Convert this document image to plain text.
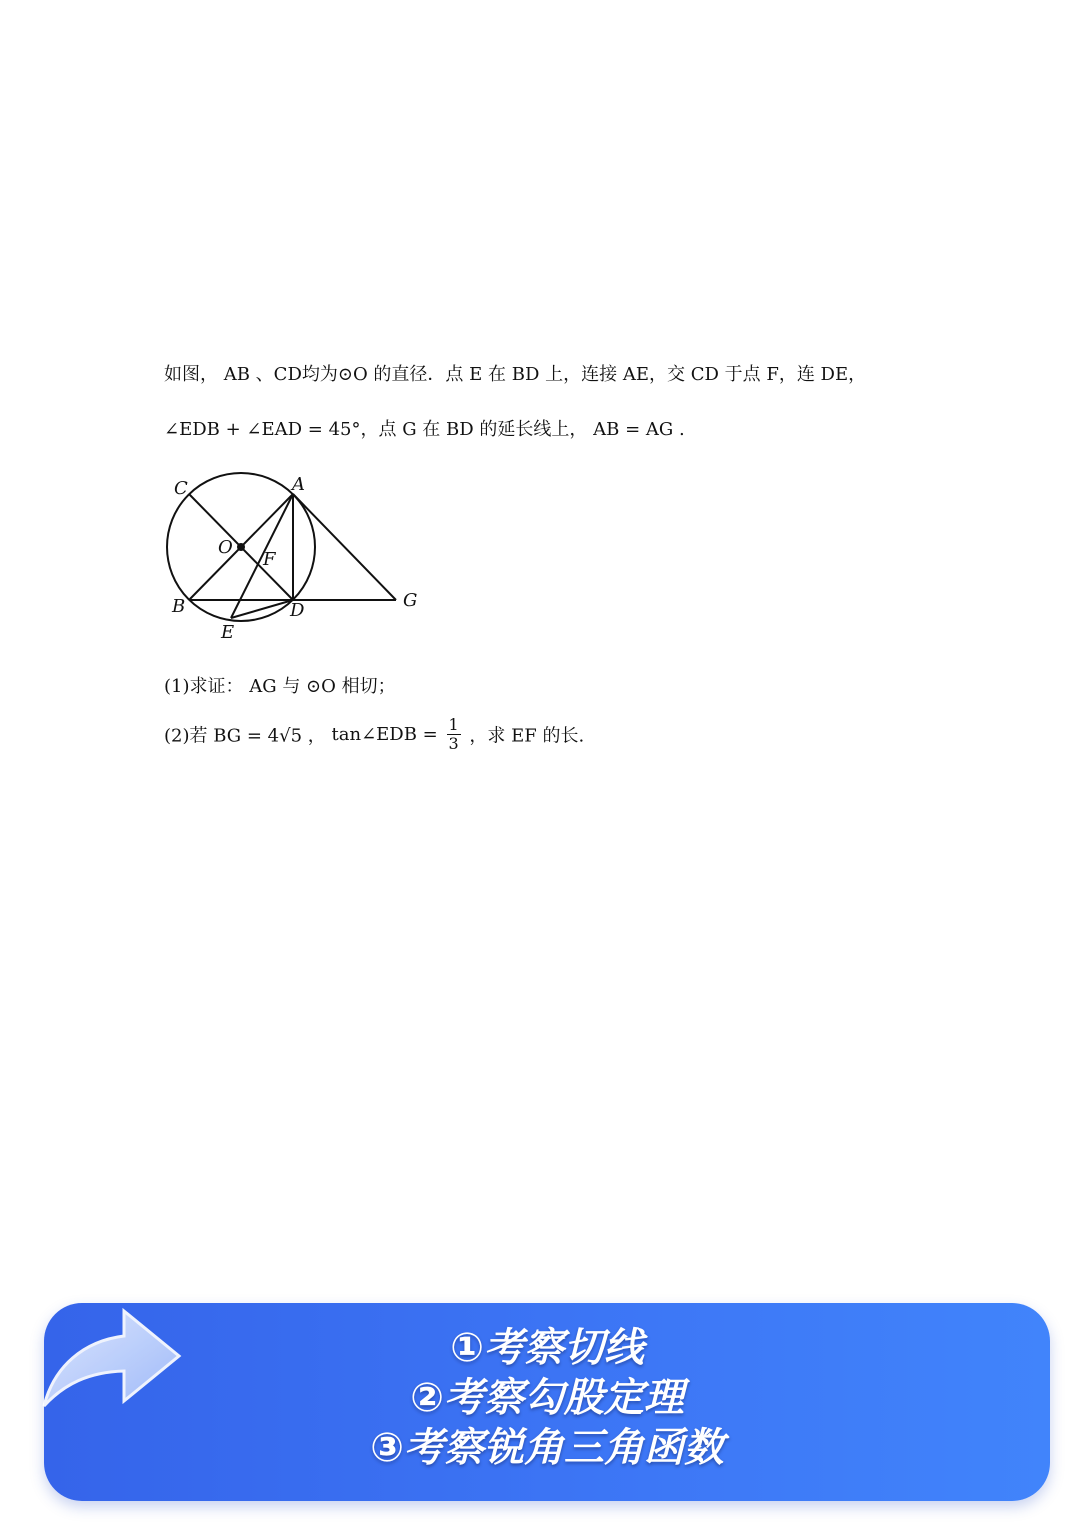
如图， AB 、CD均为⊙O 的直径．点 E 在 BD 上，连接 AE，交 CD 于点 F，连 DE，
∠EDB + ∠EAD = 45°，点 G 在 BD 的延长线上， AB = AG .
C	A
O
F
B	D	G
E
(1)求证： AG 与 ⊙O 相切；
(2)若 BG = 4√5 ， tan∠EDB = $\frac{1}{3}$ ，求 EF 的长.
①考察切线
②考察勾股定理
③考察锐角三角函数
